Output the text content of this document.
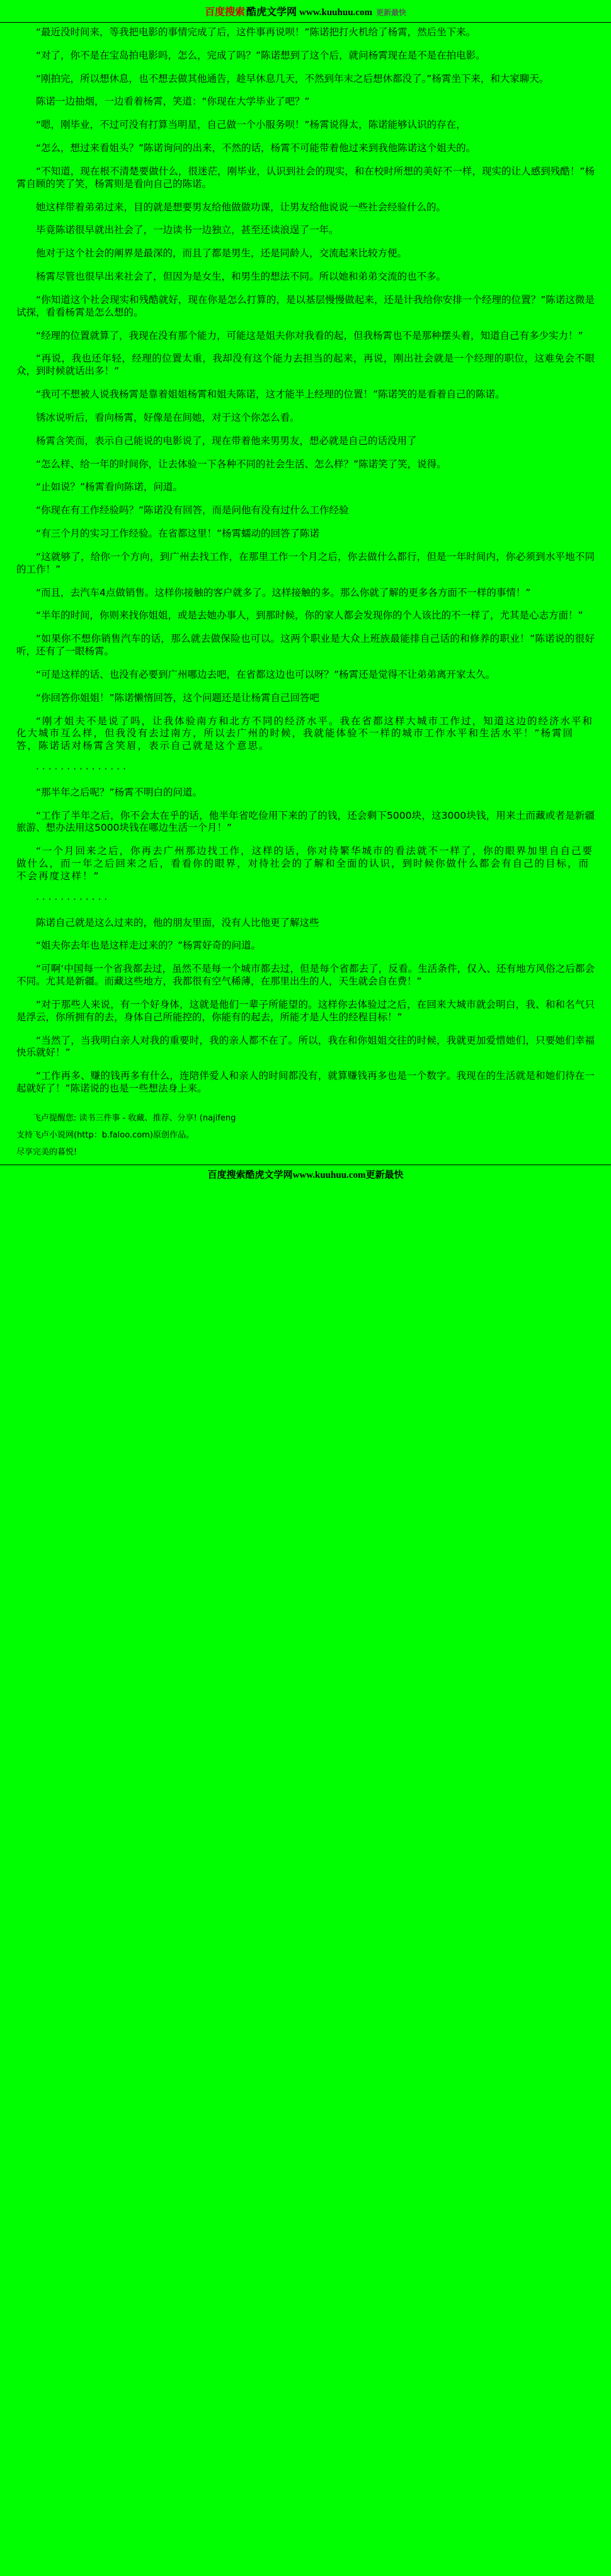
百度搜索 酷虎文学网 www.kuuhuu.com 更新最快

“最近没时间来，等我把电影的事情完成了后，这件事再说呗！”陈诺把打火机给了杨霄，然后坐下来。

“对了，你不是在宝岛拍电影吗，怎么，完成了吗？”陈诺想到了这个后，就问杨霄现在是不是在拍电影。

“刚拍完，所以想休息，也不想去做其他通告，趁早休息几天，不然到年末之后想休都没了。”杨霄坐下来，和大家聊天。

陈诺一边抽烟，一边看着杨霄，笑道：“你现在大学毕业了吧？”

“嗯，刚毕业，不过可没有打算当明星，自己做一个小服务呗！”杨霄说得太，陈诺能够认识的存在，

“怎么，想过来看姐头？”陈诺询问的出来，不然的话，杨霄不可能带着他过来到我他陈诺这个姐夫的。

“不知道，现在根不清楚要做什么，很迷茫，刚毕业，认识到社会的现实，和在校时所想的美好不一样，现实的让人感到残酷！”杨霄自顾的笑了笑，杨霄则是看向自己的陈诺。

她这样带着弟弟过来，目的就是想要男友给他做做功课，让男友给他说说一些社会经验什么的。

毕竟陈诺很早就出社会了，一边读书一边独立，甚至还读浪逞了一年。

他对于这个社会的阐界是最深的，而且了都是男生，还是同龄人，交流起来比较方便。

杨霄尽管也很早出来社会了，但因为是女生，和男生的想法不同。所以她和弟弟交流的也不多。

“你知道这个社会现实和残酷就好，现在你是怎么打算的，是以基层慢慢做起来，还是计我给你安排一个经理的位置？”陈诺这微是试探，看看杨霄是怎么想的。

“经理的位置就算了，我现在没有那个能力，可能这是姐夫你对我看的起，但我杨霄也不是那种摆头着，知道自己有多少实力！”

“再说，我也还年轻，经理的位置太重，我却没有这个能力去担当的起来，再说，刚出社会就是一个经理的职位，这难免会不眼众，到时候就话出多！”

“我可不想被人说我杨霄是靠着姐姐杨霄和姐夫陈诺，这才能半上经理的位置！”陈诺笑的是看着自己的陈诺。

锈冰说听后，看向杨霄，好像是在间她，对于这个你怎么看。

杨霄含笑而，表示自己能说的电影说了，现在带着他来男男友，想必就是自己的话没用了

“怎么样、给一年的时间你，让去体验一下各种不同的社会生活、怎么样？”陈诺笑了笑，说得。

“止如说？”杨霄看向陈诺，问道。

“你现在有工作经验吗？”陈诺没有回答，而是问他有没有过什么工作经验

“有三个月的实习工作经验。在省都这里！”杨霄蠕动的回答了陈诺

“这就够了，给你一个方向，到广州去找工作，在那里工作一个月之后，你去做什么都行，但是一年时间内，你必须到水平地不同的工作！”

“而且，去汽车4点做销售。这样你接触的客户就多了。这样接触的多。那么你就了解的更多各方面不一样的事情！”

“半年的时间，你则来找你姐姐，或是去她办事人，到那时候，你的家人都会发现你的个人该比的不一样了，尤其是心志方面！”

“如果你不想你销售汽车的话，那么就去做保险也可以。这两个职业是大众上班族最能排自己话的和修养的职业！”陈诺说的很好听，还有了一眼杨霄。

“可是这样的话、也没有必要到广州哪边去吧，在省都这边也可以呀？”杨霄还是觉得不让弟弟离开家太久。

“你回答你姐姐！”陈诺懒惰回答，这个问题还是让杨霄自己回答吧

“刚才姐夫不是说了吗，让我体验南方和北方不同的经济水平。我在省都这样大城市工作过，知道这边的经济水平和化大城市互么样，但我没有去过南方，所以去广州的时候，我就能体验不一样的城市工作水平和生活水平！”杨霄回答，陈诺话对杨霄含笑眉，表示自己就是这个意思。

· · · · · · · · · · · · · · ·

“那半年之后呢？”杨霄不明白的问道。

“工作了半年之后，你不会太在乎的话，他半年省吃俭用下来的了的钱，还会剩下5000块，这3000块钱，用来土而藏或者是新疆旅游、想办法用这5000块钱在哪边生活一个月！”

“一个月回来之后，你再去广州那边找工作，这样的话，你对待繁华城市的看法就不一样了，你的眼界加里自自己要做什么，而一年之后回来之后，看看你的眼界，对待社会的了解和全面的认识，到时候你做什么都会有自己的目标，而不会再度这样！”

· · · · · · · · · · · ·

陈诺自己就是这么过来的，他的朋友里面，没有人比他更了解这些

“姐夫你去年也是这样走过来的？”杨霄好奇的问道。

“可啊‘中国每一个省我都去过，虽然不是每一个城市都去过，但是每个省都去了，反看。生活条件，仅入、还有地方风俗之后都会不同。尤其是新疆。而藏这些地方，我都很有空气稀薄，在那里出生的人，天生就会自在费！”

“对于那些人来说，有一个好身体，这就是他们一辈子所能望的。这样你去体验过之后，在回来大城市就会明白，我、和和名气只是浮云，你所拥有的去，身体自己所能控的，你能有的起去，所能才是人生的经程目标！”

“当然了，当我明白亲人对我的重要时，我的亲人都不在了。所以，我在和你姐姐交往的时候，我就更加爱惜她们，只要她们幸福快乐就好！”

“工作再多、赚的钱再多有什么，连陪伴爱人和亲人的时间都没有，就算赚钱再多也是一个数字。我现在的生活就是和她们待在一起就好了！”陈诺说的也是一些想法身上来。

飞卢提醒您: 读书三件事 - 收藏、推荐、分享! (najifeng

支持飞卢小说网(http：b.faloo.com)原创作品。

尽享完美的暮悦!

百度搜索酷虎文学网www.kuuhuu.com更新最快
